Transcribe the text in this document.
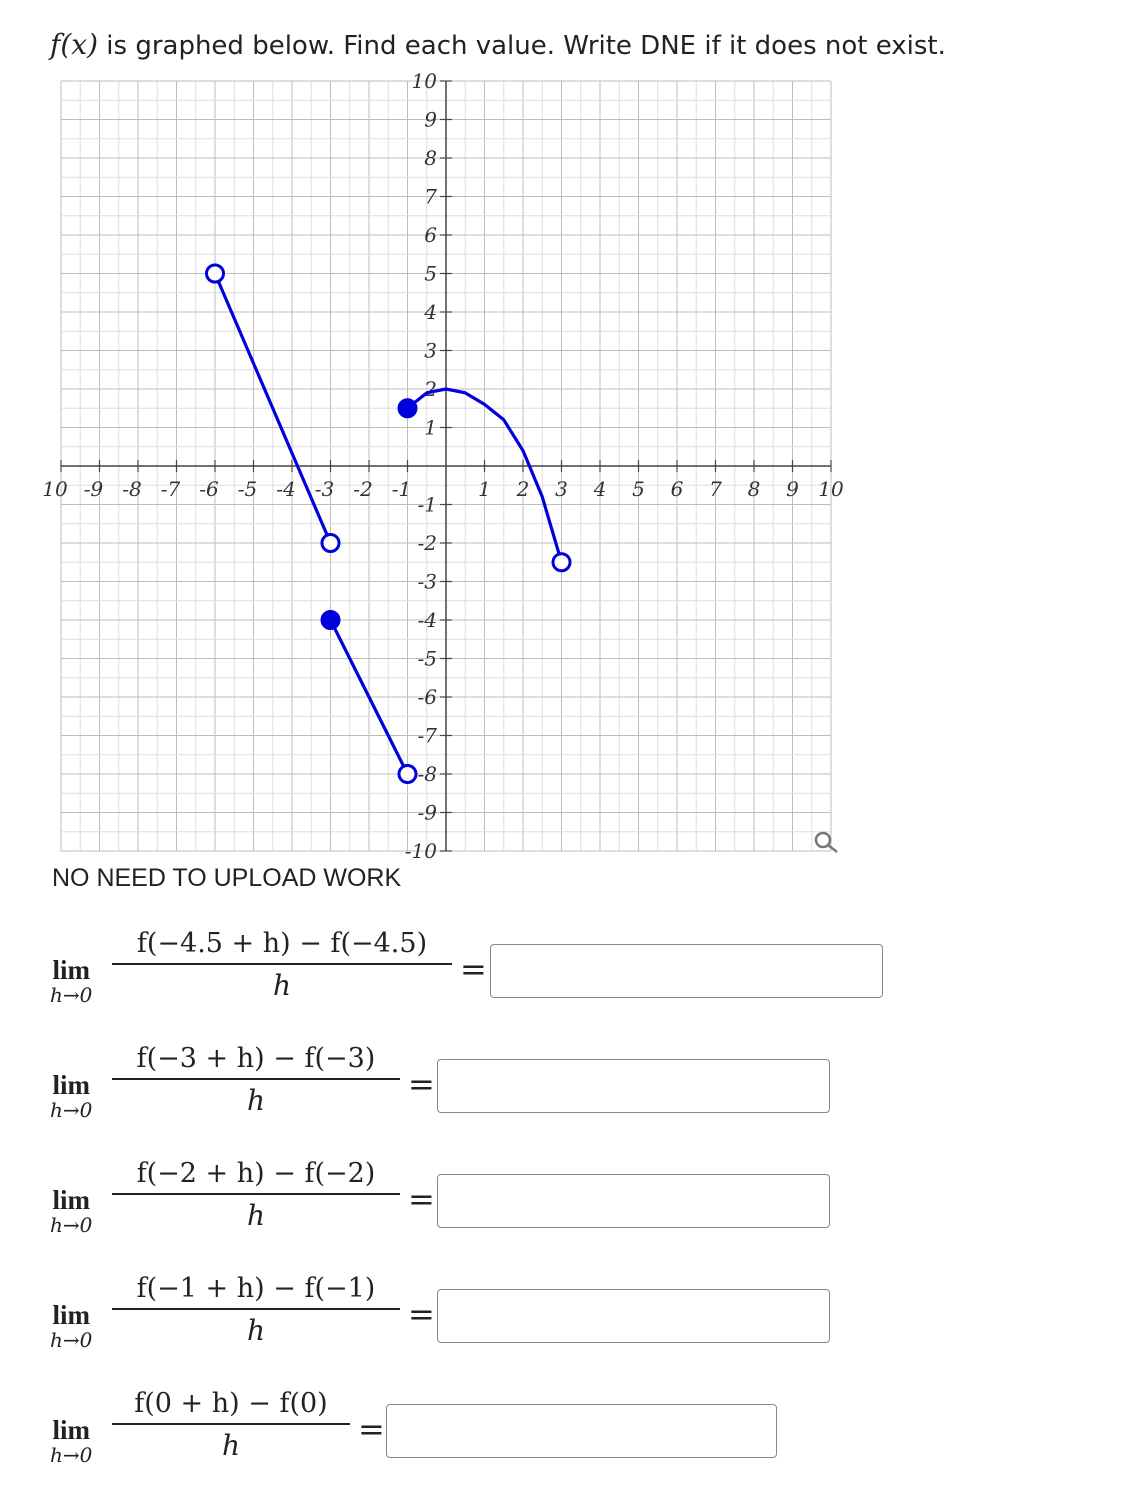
f(x) is graphed below. Find each value. Write DNE if it does not exist.
10 -9 -8 -7 -6 -5 -4 -3 -2 -1	1 2 3 4 5 6 7 8 9 10
10
9
8
7
6
5
4
3
2
1
-1
-2
-3
-4
-5
-6
-7
-8
-9
-10
NO NEED TO UPLOAD WORK
lim
h→0
f(−4.5 + h) − f(−4.5)
h	=
lim
h→0
f(−3 + h) − f(−3)
h	=
lim
h→0
f(−2 + h) − f(−2)
h	=
lim
h→0
f(−1 + h) − f(−1)
h	=
lim
h→0
f(0 + h) − f(0)
h	=
